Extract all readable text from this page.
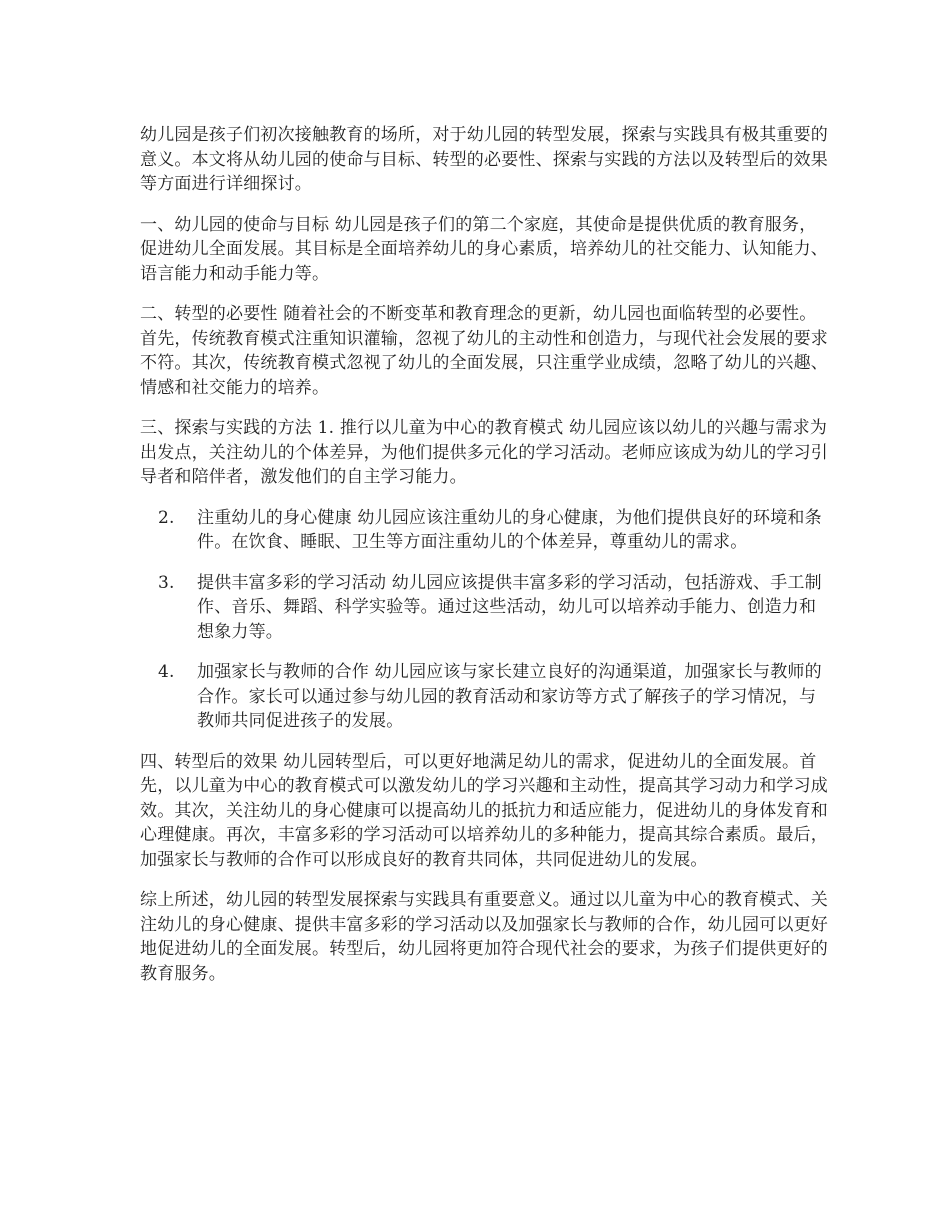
幼儿园是孩子们初次接触教育的场所，对于幼儿园的转型发展，探索与实践具有极其重要的意义。本文将从幼儿园的使命与目标、转型的必要性、探索与实践的方法以及转型后的效果等方面进行详细探讨。

一、幼儿园的使命与目标 幼儿园是孩子们的第二个家庭，其使命是提供优质的教育服务，促进幼儿全面发展。其目标是全面培养幼儿的身心素质，培养幼儿的社交能力、认知能力、语言能力和动手能力等。

二、转型的必要性 随着社会的不断变革和教育理念的更新，幼儿园也面临转型的必要性。首先，传统教育模式注重知识灌输，忽视了幼儿的主动性和创造力，与现代社会发展的要求不符。其次，传统教育模式忽视了幼儿的全面发展，只注重学业成绩，忽略了幼儿的兴趣、情感和社交能力的培养。

三、探索与实践的方法 1. 推行以儿童为中心的教育模式 幼儿园应该以幼儿的兴趣与需求为出发点，关注幼儿的个体差异，为他们提供多元化的学习活动。老师应该成为幼儿的学习引导者和陪伴者，激发他们的自主学习能力。

2. 注重幼儿的身心健康 幼儿园应该注重幼儿的身心健康，为他们提供良好的环境和条件。在饮食、睡眠、卫生等方面注重幼儿的个体差异，尊重幼儿的需求。
3. 提供丰富多彩的学习活动 幼儿园应该提供丰富多彩的学习活动，包括游戏、手工制作、音乐、舞蹈、科学实验等。通过这些活动，幼儿可以培养动手能力、创造力和想象力等。
4. 加强家长与教师的合作 幼儿园应该与家长建立良好的沟通渠道，加强家长与教师的合作。家长可以通过参与幼儿园的教育活动和家访等方式了解孩子的学习情况，与教师共同促进孩子的发展。

四、转型后的效果 幼儿园转型后，可以更好地满足幼儿的需求，促进幼儿的全面发展。首先，以儿童为中心的教育模式可以激发幼儿的学习兴趣和主动性，提高其学习动力和学习成效。其次，关注幼儿的身心健康可以提高幼儿的抵抗力和适应能力，促进幼儿的身体发育和心理健康。再次，丰富多彩的学习活动可以培养幼儿的多种能力，提高其综合素质。最后，加强家长与教师的合作可以形成良好的教育共同体，共同促进幼儿的发展。

综上所述，幼儿园的转型发展探索与实践具有重要意义。通过以儿童为中心的教育模式、关注幼儿的身心健康、提供丰富多彩的学习活动以及加强家长与教师的合作，幼儿园可以更好地促进幼儿的全面发展。转型后，幼儿园将更加符合现代社会的要求，为孩子们提供更好的教育服务。
